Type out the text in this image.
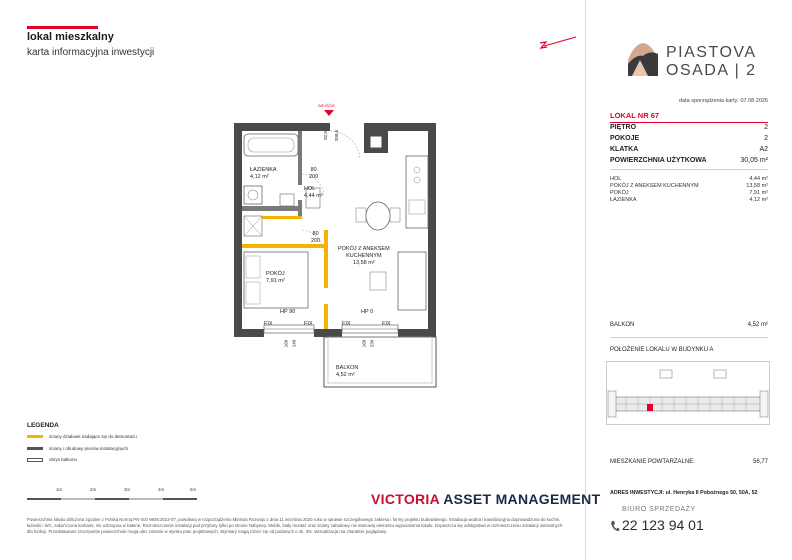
lokal mieszkalny
karta informacyjna inwestycji	PIASTOVA
OSADA | 2
data sporządzenia karty: 07.08.2026
LOKAL NR 67
PIĘTRO	2
POKOJE	2
KLATKA	A2
POWIERZCHNIA UŻYTKOWA	30,05 m²
HOL	4,44 m²
POKÓJ Z ANEKSEM KUCHENNYM	13,58 m²
POKÓJ	7,91 m²
ŁAZIENKA	4,12 m²
BALKON	4,52 m²
POŁOŻENIE LOKALU W BUDYNKU A
MIESZKANIE POWTARZALNE:	56,77
ADRES INWESTYCJI: ul. Henryka II Pobożnego 50, 50A, 52
BIURO SPRZEDAŻY
22 123 94 01
WEJŚCIE
92,8 200,6
ŁAZIENKA
4,12 m²
HOL
4,44 m²
POKÓJ Z ANEKSEM
KUCHENNYM
13,58 m²
POKÓJ
7,91 m²
BALKON
4,52 m²
80
200
80
200
HP 90	HP 0
FIX	FIX	FIX	FIX
160 140	160 230
LEGENDA
ściany działowe nadające się do demontażu
ściany i obudowy pionów instalacyjnych
obrys balkonu
1m	2m	3m	4m	5m
VICTORIA ASSET MANAGEMENT
Powierzchnia lokalu obliczona zgodnie z Polską Normą PN-ISO 9836:2022-07, powołaną w rozporządzeniu Ministra Rozwoju z dnia 11 września 2020 roku w sprawie szczegółowego zakresu i formy projektu budowlanego. Instalacja wodna i kanalizacyjna doprowadzona do kuchni, łazienki i WC, zakończona korkami, nie uzbrojona w baterie. Rozmieszczenie instalacji pod przybory tylko po stronie Nabywcy. Meble, biały montaż oraz ściany zabudowy nie stanowią elementu wyposażenia lokalu. Dopuszcza się odstępstwa w rozmieszczeniu instalacji nieistotnych dla funkcji. Przedstawione rzeczywiste powierzchnie mogą ulec zmianie w wyniku prac projektowych, Wymiary mogą różnić się od podanych o ok. 3%. Wizualizacja ma charakter poglądowy.
